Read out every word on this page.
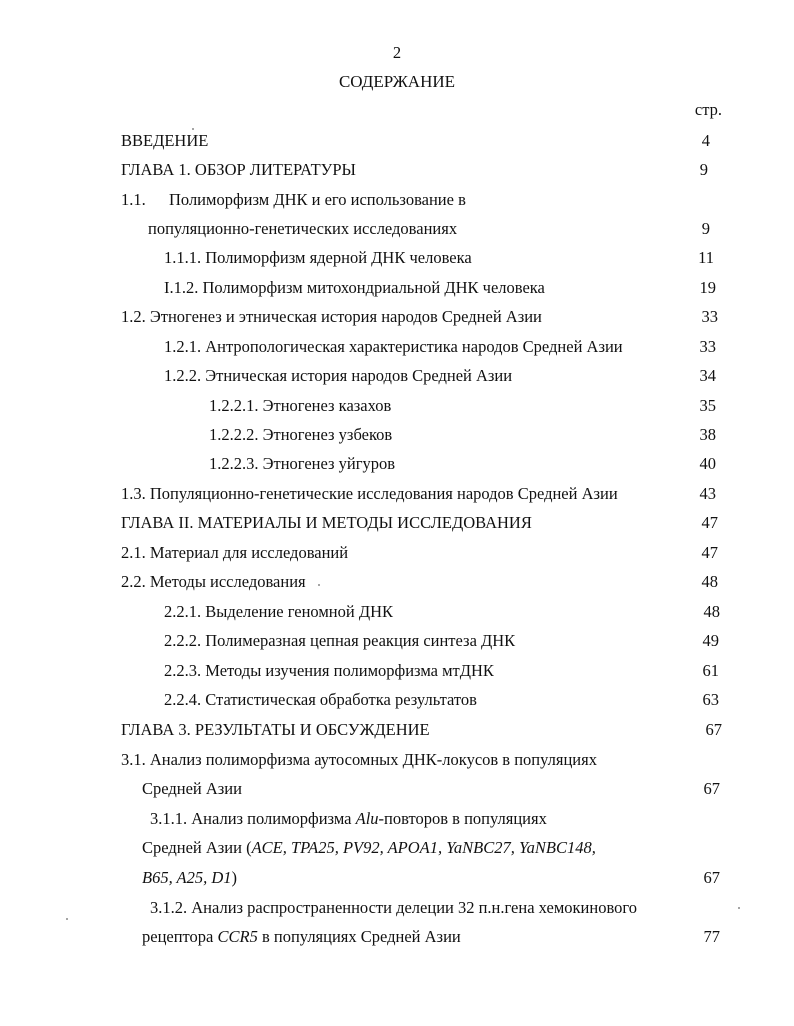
2
СОДЕРЖАНИЕ
стр.
ВВЕДЕНИЕ	4
ГЛАВА 1. ОБЗОР ЛИТЕРАТУРЫ	9
1.1. Полиморфизм ДНК и его использование в
популяционно-генетических исследованиях	9
1.1.1. Полиморфизм ядерной ДНК человека	11
I.1.2. Полиморфизм митохондриальной ДНК человека	19
1.2. Этногенез и этническая история народов Средней Азии	33
1.2.1. Антропологическая характеристика народов Средней Азии	33
1.2.2. Этническая история народов Средней Азии	34
1.2.2.1. Этногенез казахов	35
1.2.2.2. Этногенез узбеков	38
1.2.2.3. Этногенез уйгуров	40
1.3. Популяционно-генетические исследования народов Средней Азии	43
ГЛАВА II. МАТЕРИАЛЫ И МЕТОДЫ ИССЛЕДОВАНИЯ	47
2.1. Материал для исследований	47
2.2. Методы исследования	48
2.2.1. Выделение геномной ДНК	48
2.2.2. Полимеразная цепная реакция синтеза ДНК	49
2.2.3. Методы изучения полиморфизма мтДНК	61
2.2.4. Статистическая обработка результатов	63
ГЛАВА 3. РЕЗУЛЬТАТЫ И ОБСУЖДЕНИЕ	67
3.1. Анализ полиморфизма аутосомных ДНК-локусов в популяциях
Средней Азии	67
3.1.1. Анализ полиморфизма Alu-повторов в популяциях
Средней Азии (ACE, TPA25, PV92, APOA1, YaNBC27, YaNBC148,
B65, A25, D1)	67
3.1.2. Анализ распространенности делеции 32 п.н.гена хемокинового
рецептора CCR5 в популяциях Средней Азии	77
